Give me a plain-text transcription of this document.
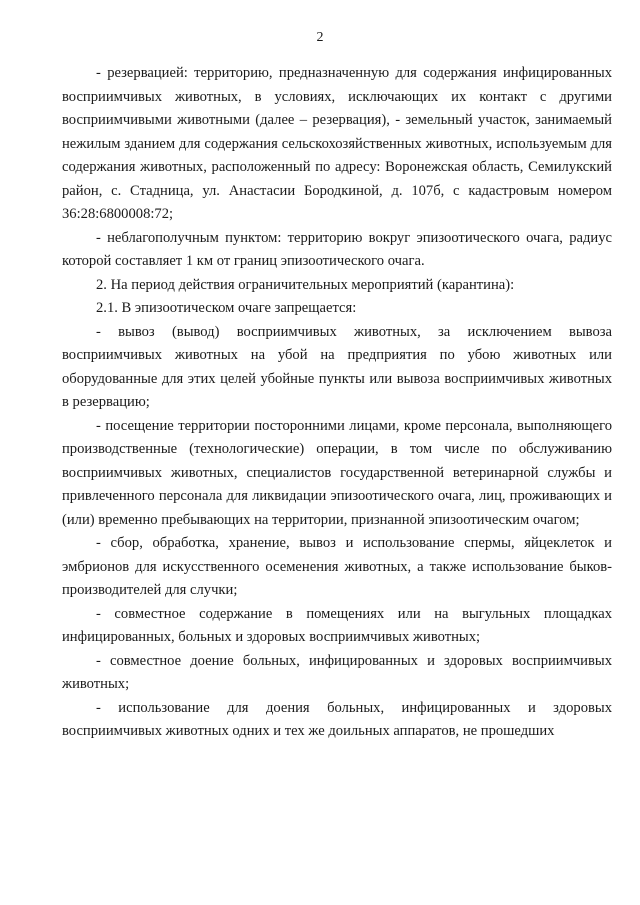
2

- резервацией: территорию, предназначенную для содержания инфицированных восприимчивых животных, в условиях, исключающих их контакт с другими восприимчивыми животными (далее – резервация), - земельный участок, занимаемый нежилым зданием для содержания сельскохозяйственных животных, используемым для содержания животных, расположенный по адресу: Воронежская область, Семилукский район, с. Стадница, ул. Анастасии Бородкиной, д. 107б, с кадастровым номером 36:28:6800008:72;

- неблагополучным пунктом: территорию вокруг эпизоотического очага, радиус которой составляет 1 км от границ эпизоотического очага.

2. На период действия ограничительных мероприятий (карантина):

2.1. В эпизоотическом очаге запрещается:

- вывоз (вывод) восприимчивых животных, за исключением вывоза восприимчивых животных на убой на предприятия по убою животных или оборудованные для этих целей убойные пункты или вывоза восприимчивых животных в резервацию;

- посещение территории посторонними лицами, кроме персонала, выполняющего производственные (технологические) операции, в том числе по обслуживанию восприимчивых животных, специалистов государственной ветеринарной службы и привлеченного персонала для ликвидации эпизоотического очага, лиц, проживающих и (или) временно пребывающих на территории, признанной эпизоотическим очагом;

- сбор, обработка, хранение, вывоз и использование спермы, яйцеклеток и эмбрионов для искусственного осеменения животных, а также использование быков-производителей для случки;

- совместное содержание в помещениях или на выгульных площадках инфицированных, больных и здоровых восприимчивых животных;

- совместное доение больных, инфицированных и здоровых восприимчивых животных;

- использование для доения больных, инфицированных и здоровых восприимчивых животных одних и тех же доильных аппаратов, не прошедших
